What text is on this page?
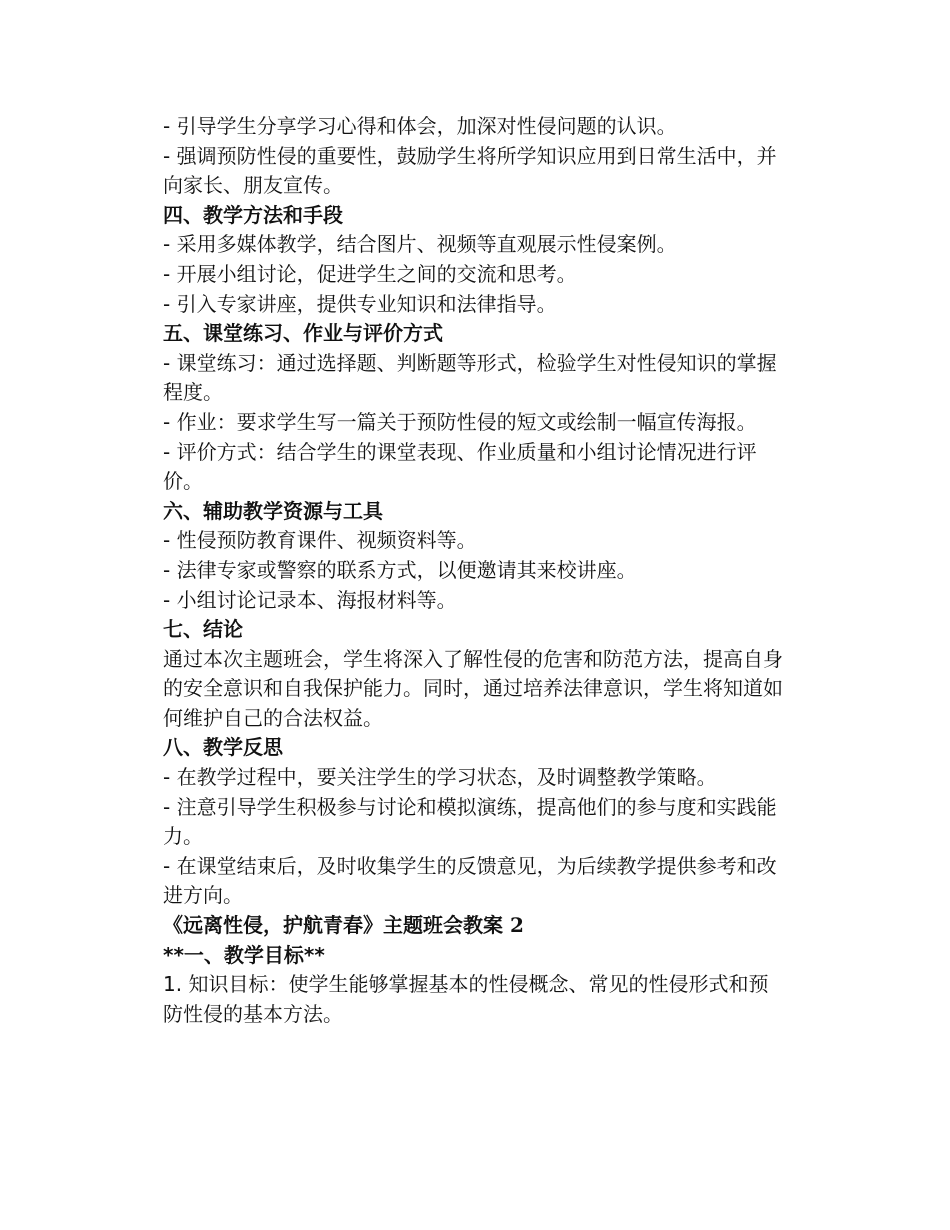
- 引导学生分享学习心得和体会，加深对性侵问题的认识。

- 强调预防性侵的重要性，鼓励学生将所学知识应用到日常生活中，并向家长、朋友宣传。

四、教学方法和手段

- 采用多媒体教学，结合图片、视频等直观展示性侵案例。

- 开展小组讨论，促进学生之间的交流和思考。

- 引入专家讲座，提供专业知识和法律指导。

五、课堂练习、作业与评价方式

- 课堂练习：通过选择题、判断题等形式，检验学生对性侵知识的掌握程度。

- 作业：要求学生写一篇关于预防性侵的短文或绘制一幅宣传海报。

- 评价方式：结合学生的课堂表现、作业质量和小组讨论情况进行评价。

六、辅助教学资源与工具

- 性侵预防教育课件、视频资料等。

- 法律专家或警察的联系方式，以便邀请其来校讲座。

- 小组讨论记录本、海报材料等。

七、结论

通过本次主题班会，学生将深入了解性侵的危害和防范方法，提高自身的安全意识和自我保护能力。同时，通过培养法律意识，学生将知道如何维护自己的合法权益。

八、教学反思

- 在教学过程中，要关注学生的学习状态，及时调整教学策略。

- 注意引导学生积极参与讨论和模拟演练，提高他们的参与度和实践能力。

- 在课堂结束后，及时收集学生的反馈意见，为后续教学提供参考和改进方向。

《远离性侵，护航青春》主题班会教案 2

**一、教学目标**

1. 知识目标：使学生能够掌握基本的性侵概念、常见的性侵形式和预防性侵的基本方法。
